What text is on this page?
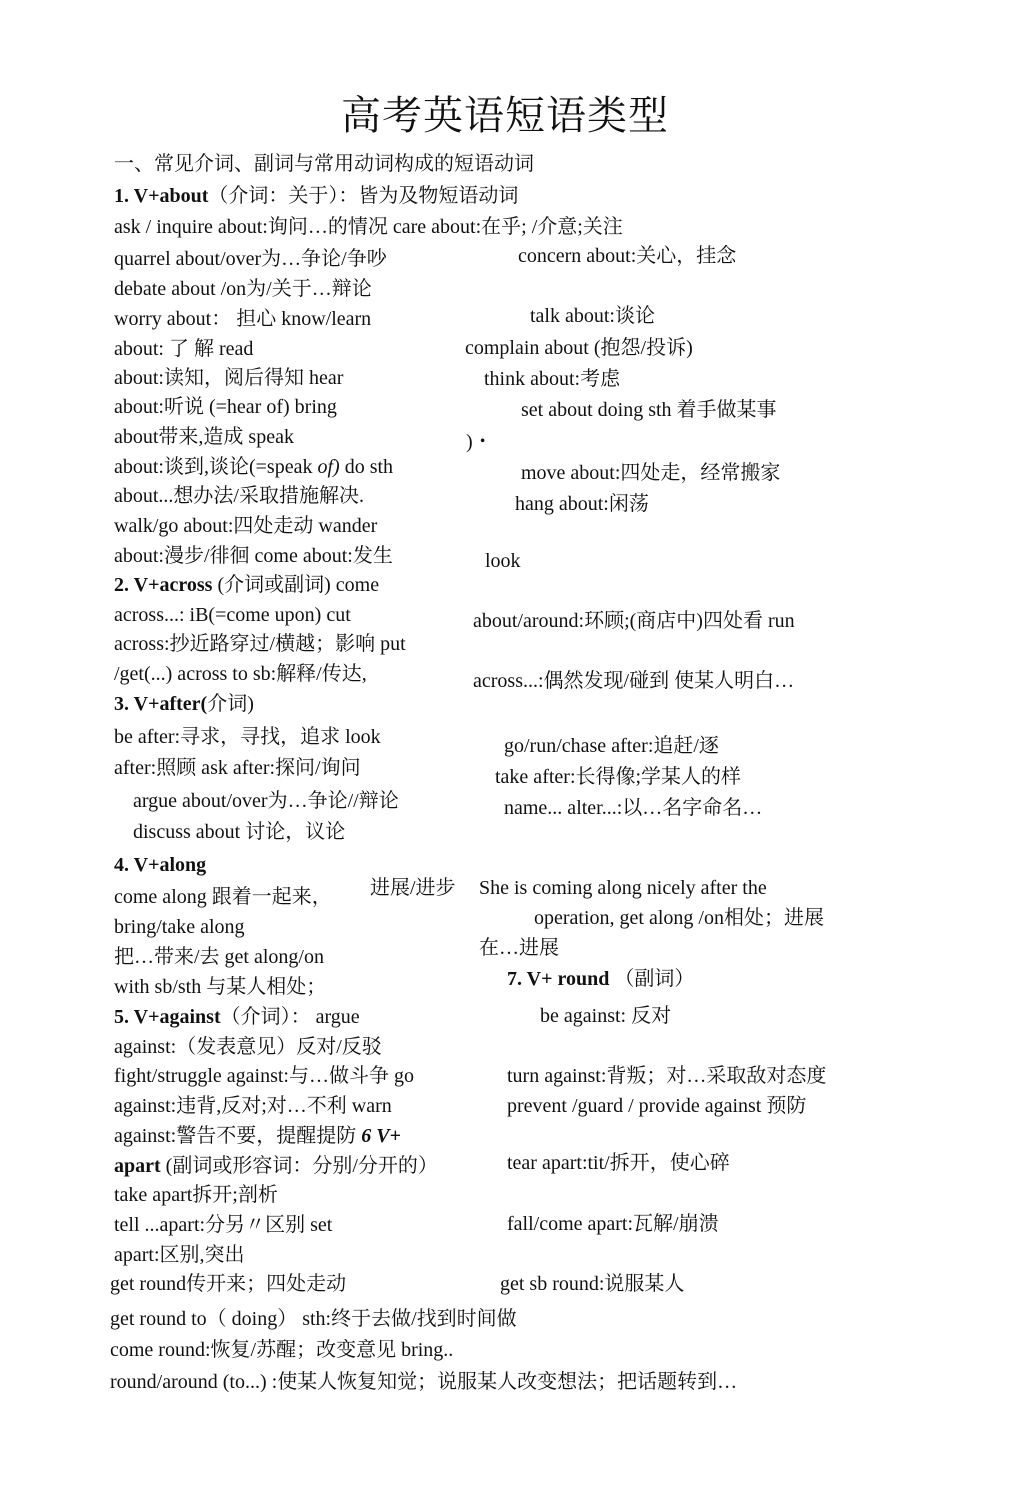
高考英语短语类型
一、常见介词、副词与常用动词构成的短语动词
1. V+about（介词：关于）：皆为及物短语动词
ask / inquire about:询问…的情况 care about:在乎; /介意;关注
quarrel about/over为…争论/争吵
debate about /on为/关于…辩论
worry about： 担心 know/learn
about: 了 解 read
about:读知，阅后得知 hear
about:听说 (=hear of) bring
about带来,造成 speak
about:谈到,谈论(=speak of) do sth
about...想办法/采取措施解决.
walk/go about:四处走动 wander
about:漫步/徘徊 come about:发生
concern about:关心，挂念
talk about:谈论
complain about (抱怨/投诉)
think about:考虑
set about doing sth 着手做某事
)・
move about:四处走，经常搬家
hang about:闲荡
look
about/around:环顾;(商店中)四处看 run
across...:偶然发现/碰到 使某人明白…
2. V+across (介词或副词) come
across...: iB(=come upon) cut
across:抄近路穿过/横越；影响 put
/get(...) across to sb:解释/传达,
3. V+after(介词)
be after:寻求，寻找，追求 look
after:照顾 ask after:探问/询问
argue about/over为…争论//辩论
discuss about 讨论，议论
go/run/chase after:追赶/逐
take after:长得像;学某人的样
name... alter...:以…名字命名…
4. V+along
come along 跟着一起来， 进展/进步
bring/take along
把…带来/去 get along/on
with sb/sth 与某人相处；
She is coming along nicely after the
operation, get along /on相处；进展
在…进展
7. V+ round （副词）
5. V+against（介词）： argue
against:（发表意见）反对/反驳
fight/struggle against:与…做斗争 go
against:违背,反对;对…不利 warn
against:警告不要，提醒提防 6 V+
apart (副词或形容词：分别/分开的）
take apart拆开;剖析
tell ...apart:分另〃区别 set
apart:区别,突出
be against: 反对
turn against:背叛；对…采取敌对态度
prevent /guard / provide against 预防
tear apart:tit/拆开，使心碎
fall/come apart:瓦解/崩溃
get round传开来；四处走动	get sb round:说服某人
get round to（ doing） sth:终于去做/找到时间做
come round:恢复/苏醒；改变意见 bring..
round/around (to...) :使某人恢复知觉；说服某人改变想法；把话题转到…
